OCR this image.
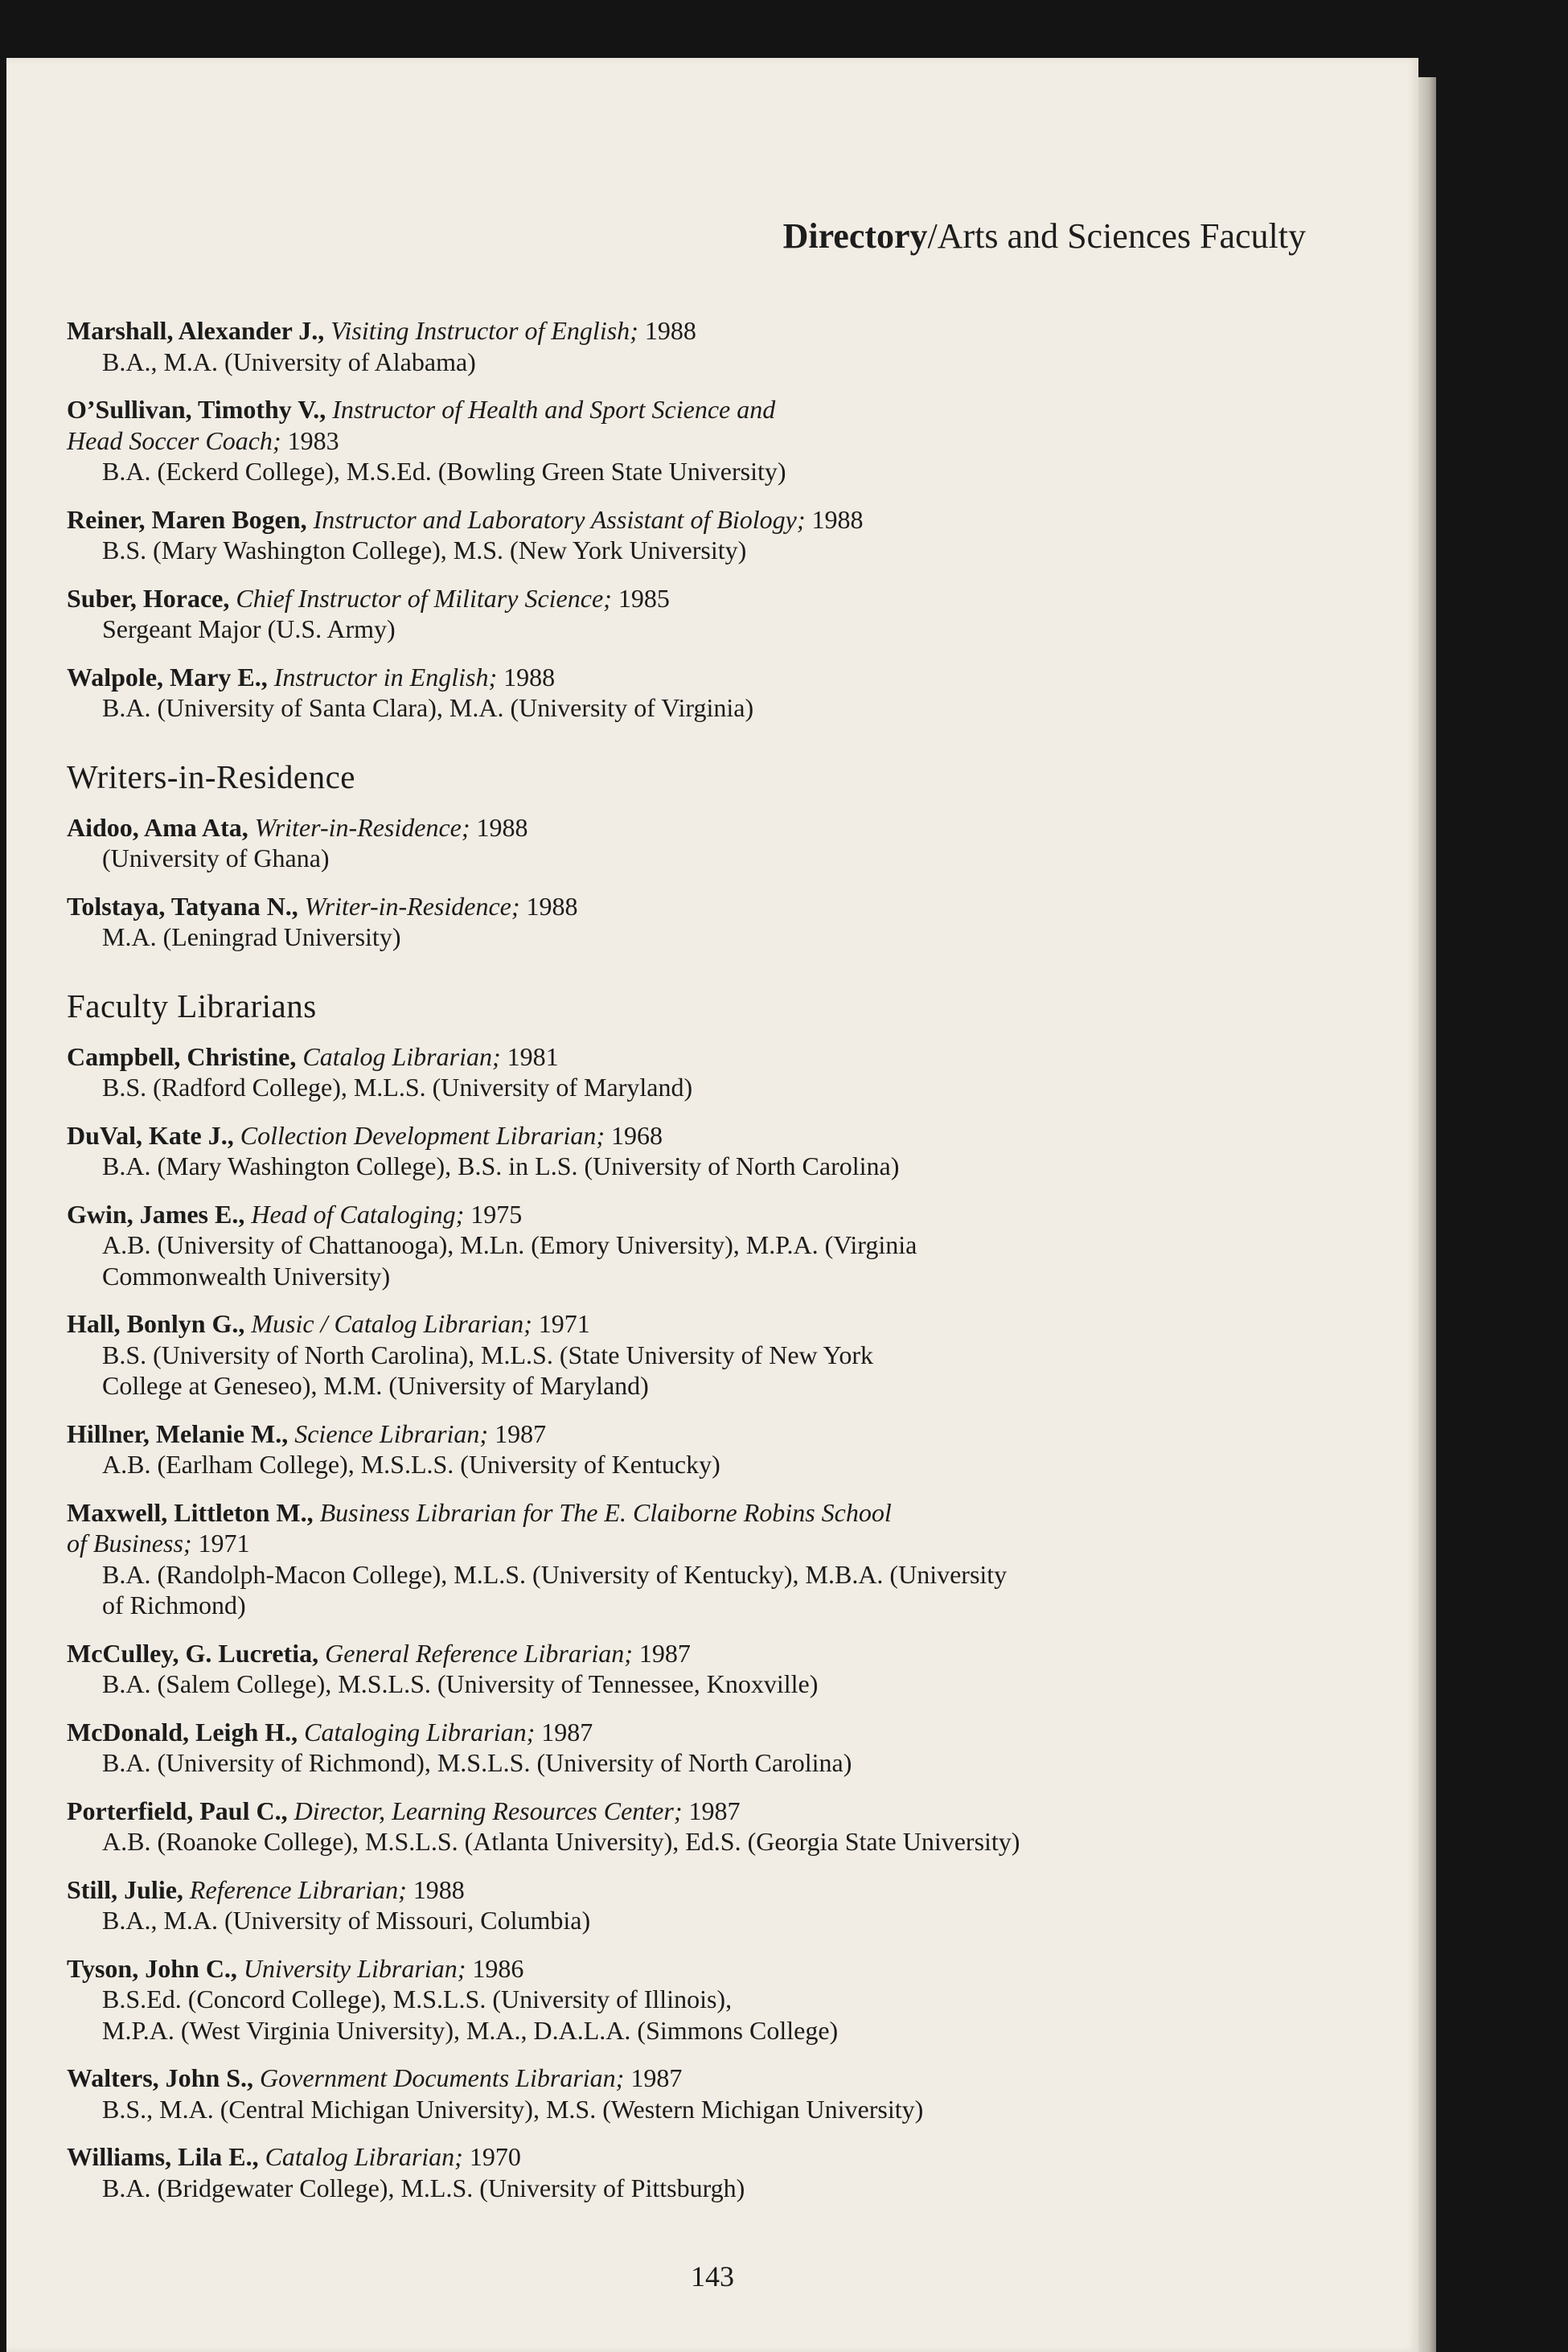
Directory/Arts and Sciences Faculty
Marshall, Alexander J., Visiting Instructor of English; 1988
B.A., M.A. (University of Alabama)
O’Sullivan, Timothy V., Instructor of Health and Sport Science and
Head Soccer Coach; 1983
B.A. (Eckerd College), M.S.Ed. (Bowling Green State University)
Reiner, Maren Bogen, Instructor and Laboratory Assistant of Biology; 1988
B.S. (Mary Washington College), M.S. (New York University)
Suber, Horace, Chief Instructor of Military Science; 1985
Sergeant Major (U.S. Army)
Walpole, Mary E., Instructor in English; 1988
B.A. (University of Santa Clara), M.A. (University of Virginia)
Writers-in-Residence
Aidoo, Ama Ata, Writer-in-Residence; 1988
(University of Ghana)
Tolstaya, Tatyana N., Writer-in-Residence; 1988
M.A. (Leningrad University)
Faculty Librarians
Campbell, Christine, Catalog Librarian; 1981
B.S. (Radford College), M.L.S. (University of Maryland)
DuVal, Kate J., Collection Development Librarian; 1968
B.A. (Mary Washington College), B.S. in L.S. (University of North Carolina)
Gwin, James E., Head of Cataloging; 1975
A.B. (University of Chattanooga), M.Ln. (Emory University), M.P.A. (Virginia
Commonwealth University)
Hall, Bonlyn G., Music / Catalog Librarian; 1971
B.S. (University of North Carolina), M.L.S. (State University of New York
College at Geneseo), M.M. (University of Maryland)
Hillner, Melanie M., Science Librarian; 1987
A.B. (Earlham College), M.S.L.S. (University of Kentucky)
Maxwell, Littleton M., Business Librarian for The E. Claiborne Robins School
of Business; 1971
B.A. (Randolph-Macon College), M.L.S. (University of Kentucky), M.B.A. (University
of Richmond)
McCulley, G. Lucretia, General Reference Librarian; 1987
B.A. (Salem College), M.S.L.S. (University of Tennessee, Knoxville)
McDonald, Leigh H., Cataloging Librarian; 1987
B.A. (University of Richmond), M.S.L.S. (University of North Carolina)
Porterfield, Paul C., Director, Learning Resources Center; 1987
A.B. (Roanoke College), M.S.L.S. (Atlanta University), Ed.S. (Georgia State University)
Still, Julie, Reference Librarian; 1988
B.A., M.A. (University of Missouri, Columbia)
Tyson, John C., University Librarian; 1986
B.S.Ed. (Concord College), M.S.L.S. (University of Illinois),
M.P.A. (West Virginia University), M.A., D.A.L.A. (Simmons College)
Walters, John S., Government Documents Librarian; 1987
B.S., M.A. (Central Michigan University), M.S. (Western Michigan University)
Williams, Lila E., Catalog Librarian; 1970
B.A. (Bridgewater College), M.L.S. (University of Pittsburgh)
143
